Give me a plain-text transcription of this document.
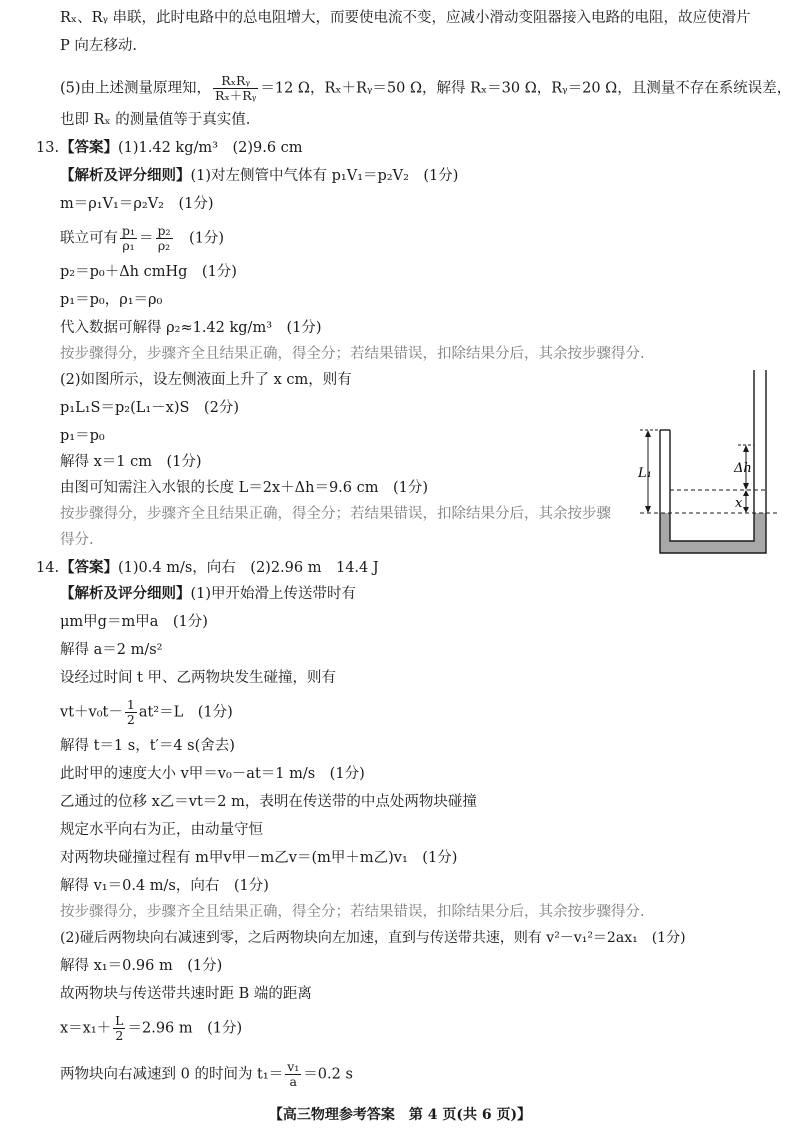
Rₓ、Rᵧ 串联，此时电路中的总电阻增大，而要使电流不变，应减小滑动变阻器接入电路的电阻，故应使滑片
P 向左移动.
(5)由上述测量原理知， $\frac{\text{RₓRᵧ}}{\text{Rₓ＋Rᵧ}} =12$ Ω，Rₓ＋Rᵧ＝50 Ω，解得 Rₓ＝30 Ω，Rᵧ＝20 Ω，且测量不存在系统误差，
也即 Rₓ 的测量值等于真实值.
13. 【答案】(1)1.42 kg/m³　(2)9.6 cm
【解析及评分细则】(1)对左侧管中气体有 p₁V₁＝p₂V₂　(1分)
m＝ρ₁V₁＝ρ₂V₂　(1分)
联立可有 $\frac{\text{p₁}}{\text{ρ₁}} = \frac{\text{p₂}}{\text{ρ₂}}$ 　(1分)
p₂＝p₀＋Δh cmHg　(1分)
p₁＝p₀，ρ₁＝ρ₀
代入数据可解得 ρ₂≈1.42 kg/m³　(1分)
按步骤得分，步骤齐全且结果正确，得全分；若结果错误，扣除结果分后，其余按步骤得分.
(2)如图所示，设左侧液面上升了 x cm，则有
p₁L₁S＝p₂(L₁－x)S　(2分)
p₁＝p₀
解得 x＝1 cm　(1分)
由图可知需注入水银的长度 L＝2x＋Δh＝9.6 cm　(1分)
按步骤得分，步骤齐全且结果正确，得全分；若结果错误，扣除结果分后，其余按步骤
得分.
L₁	Δh
x
14. 【答案】(1)0.4 m/s，向右　(2)2.96 m　14.4 J
【解析及评分细则】(1)甲开始滑上传送带时有
μm甲g＝m甲a　(1分)
解得 a＝2 m/s²
设经过时间 t 甲、乙两物块发生碰撞，则有
$vt+v_0t- \frac{1}{2} at^2=L$　(1分)
解得 t＝1 s，t′＝4 s(舍去)
此时甲的速度大小 v甲＝v₀－at＝1 m/s　(1分)
乙通过的位移 x乙＝vt＝2 m，表明在传送带的中点处两物块碰撞
规定水平向右为正，由动量守恒
对两物块碰撞过程有 m甲v甲－m乙v＝(m甲＋m乙)v₁　(1分)
解得 v₁＝0.4 m/s，向右　(1分)
按步骤得分，步骤齐全且结果正确，得全分；若结果错误，扣除结果分后，其余按步骤得分.
(2)碰后两物块向右减速到零，之后两物块向左加速，直到与传送带共速，则有 v²－v₁²＝2ax₁　(1分)
解得 x₁＝0.96 m　(1分)
故两物块与传送带共速时距 B 端的距离
$x=x_1+ \frac{L}{2} =2.96$ m　(1分)
两物块向右减速到 0 的时间为 $t_1= \frac{\text{v₁}}{a} =0.2$ s
【高三物理参考答案　第 4 页(共 6 页)】
